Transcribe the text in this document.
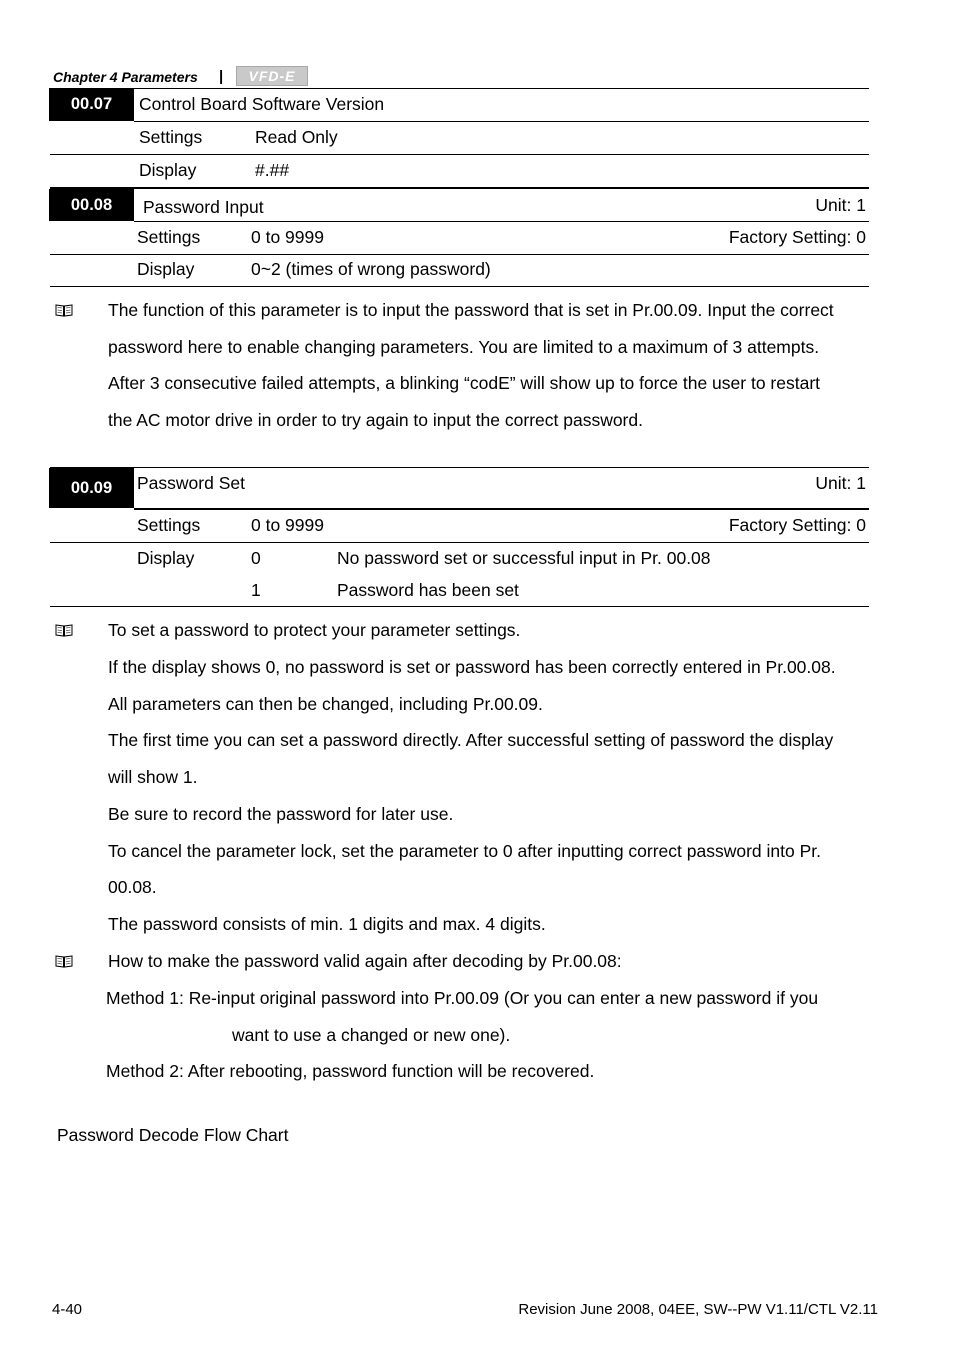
Chapter 4 Parameters |	VFD-E
00.07	Control Board Software Version
Settings	Read Only
Display	#.##
00.08	Password Input	Unit: 1
Settings	0 to 9999	Factory Setting: 0
Display	0~2 (times of wrong password)
The function of this parameter is to input the password that is set in Pr.00.09. Input the correct
password here to enable changing parameters. You are limited to a maximum of 3 attempts.
After 3 consecutive failed attempts, a blinking “codE” will show up to force the user to restart
the AC motor drive in order to try again to input the correct password.
00.09	Password Set	Unit: 1
Settings	0 to 9999	Factory Setting: 0
Display	0	No password set or successful input in Pr. 00.08
1	Password has been set
To set a password to protect your parameter settings.
If the display shows 0, no password is set or password has been correctly entered in Pr.00.08.
All parameters can then be changed, including Pr.00.09.
The first time you can set a password directly. After successful setting of password the display
will show 1.
Be sure to record the password for later use.
To cancel the parameter lock, set the parameter to 0 after inputting correct password into Pr.
00.08.
The password consists of min. 1 digits and max. 4 digits.
How to make the password valid again after decoding by Pr.00.08:
Method 1: Re-input original password into Pr.00.09 (Or you can enter a new password if you
want to use a changed or new one).
Method 2: After rebooting, password function will be recovered.
Password Decode Flow Chart
4-40	Revision June 2008, 04EE, SW--PW V1.11/CTL V2.11
